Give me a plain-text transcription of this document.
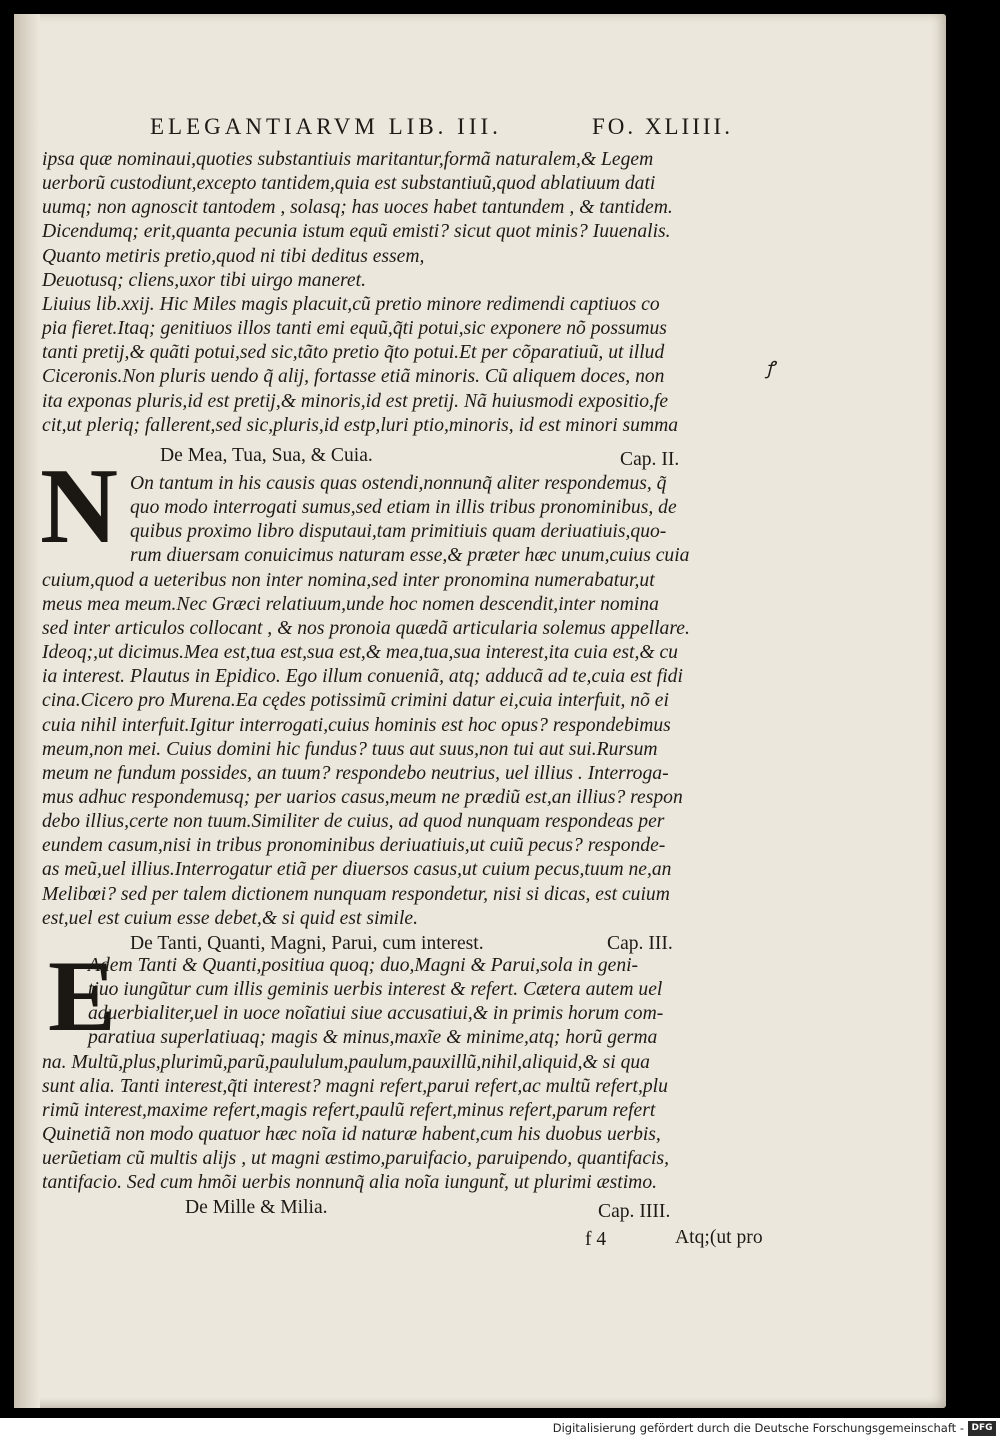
ELEGANTIARVM LIB. III.	FO. XLIIII.
ipsa quæ nominaui,quoties substantiuis maritantur,formã naturalem,& Legem
uerborũ custodiunt,excepto tantidem,quia est substantiuũ,quod ablatiuum dati
uumq; non agnoscit tantodem , solasq; has uoces habet tantundem , & tantidem.
Dicendumq; erit,quanta pecunia istum equũ emisti? sicut quot minis? Iuuenalis.
Quanto metiris pretio,quod ni tibi deditus essem,
Deuotusq; cliens,uxor tibi uirgo maneret.
Liuius lib.xxij. Hic Miles magis placuit,cũ pretio minore redimendi captiuos co
pia fieret.Itaq; genitiuos illos tanti emi equũ,q̃ti potui,sic exponere nõ possumus
tanti pretij,& quãti potui,sed sic,tãto pretio q̃to potui.Et per cõparatiuũ, ut illud
Ciceronis.Non pluris uendo q̃ alij, fortasse etiã minoris. Cũ aliquem doces, non
ita exponas pluris,id est pretij,& minoris,id est pretij. Nã huiusmodi expositio,fe
cit,ut pleriq; fallerent,sed sic,pluris,id estp,luri ptio,minoris, id est minori summa
De Mea, Tua, Sua, & Cuia.	Cap. II.
N On tantum in his causis quas ostendi,nonnunq̃ aliter respondemus, q̃
quo modo interrogati sumus,sed etiam in illis tribus pronominibus, de
quibus proximo libro disputaui,tam primitiuis quam deriuatiuis,quo-
rum diuersam conuicimus naturam esse,& præter hæc unum,cuius cuia
cuium,quod a ueteribus non inter nomina,sed inter pronomina numerabatur,ut
meus mea meum.Nec Græci relatiuum,unde hoc nomen descendit,inter nomina
sed inter articulos collocant , & nos pronoia quædã articularia solemus appellare.
Ideoq;,ut dicimus.Mea est,tua est,sua est,& mea,tua,sua interest,ita cuia est,& cu
ia interest. Plautus in Epidico. Ego illum conueniã, atq; adducã ad te,cuia est fidi
cina.Cicero pro Murena.Ea cędes potissimũ crimini datur ei,cuia interfuit, nõ ei
cuia nihil interfuit.Igitur interrogati,cuius hominis est hoc opus? respondebimus
meum,non mei. Cuius domini hic fundus? tuus aut suus,non tui aut sui.Rursum
meum ne fundum possides, an tuum? respondebo neutrius, uel illius . Interroga-
mus adhuc respondemusq; per uarios casus,meum ne prædiũ est,an illius? respon
debo illius,certe non tuum.Similiter de cuius, ad quod nunquam respondeas per
eundem casum,nisi in tribus pronominibus deriuatiuis,ut cuiũ pecus? responde-
as meũ,uel illius.Interrogatur etiã per diuersos casus,ut cuium pecus,tuum ne,an
Melibœi? sed per talem dictionem nunquam respondetur, nisi si dicas, est cuium
est,uel est cuium esse debet,& si quid est simile.
De Tanti, Quanti, Magni, Parui, cum interest.	Cap. III.
E
Adem Tanti & Quanti,positiua quoq; duo,Magni & Parui,sola in geni-
tiuo iungũtur cum illis geminis uerbis interest & refert. Cætera autem uel
aduerbialiter,uel in uoce noĩatiui siue accusatiui,& in primis horum com-
paratiua superlatiuaq; magis & minus,maxĩe & minime,atq; horũ germa
na. Multũ,plus,plurimũ,parũ,paululum,paulum,pauxillũ,nihil,aliquid,& si qua
sunt alia. Tanti interest,q̃ti interest? magni refert,parui refert,ac multũ refert,plu
rimũ interest,maxime refert,magis refert,paulũ refert,minus refert,parum refert
Quinetiã non modo quatuor hæc noĩa id naturæ habent,cum his duobus uerbis,
uerũetiam cũ multis alijs , ut magni æstimo,paruifacio, paruipendo, quantifacis,
tantifacio. Sed cum hmõi uerbis nonnunq̃ alia noĩa iungunt̃, ut plurimi æstimo.
De Mille & Milia.	Cap. IIII.
f 4	Atq;(ut pro
ꝭ
Digitalisierung gefördert durch die Deutsche Forschungsgemeinschaft - DFG
